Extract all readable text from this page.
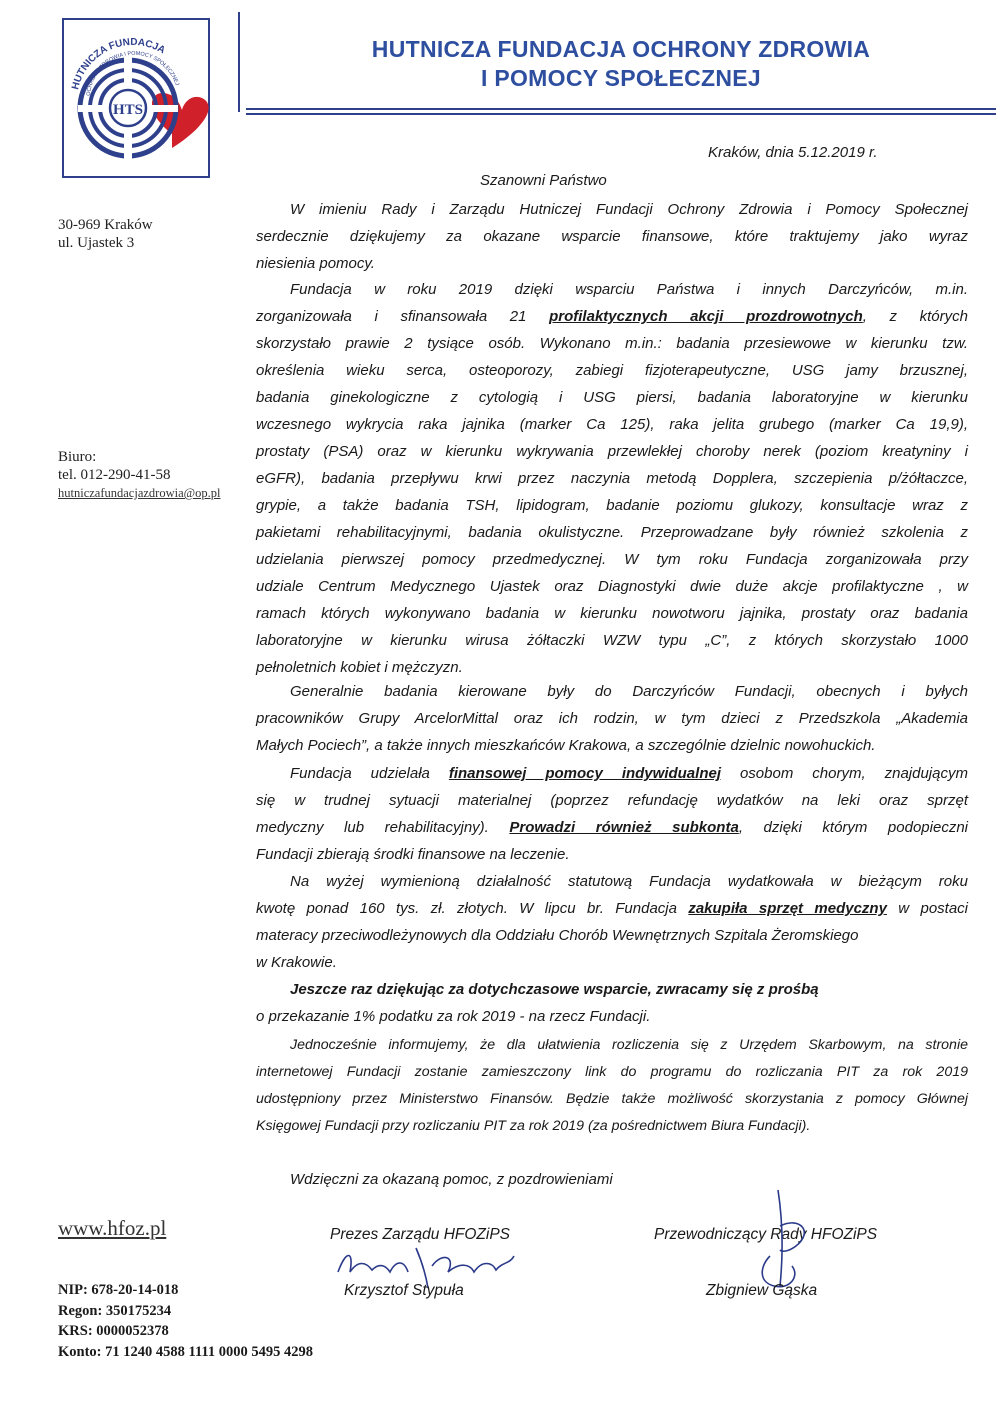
HTS
HUTNICZA FUNDACJA
OCHRONY ZDROWIA I POMOCY SPOŁECZNEJ
HUTNICZA FUNDACJA OCHRONY ZDROWIA
I POMOCY SPOŁECZNEJ
30-969 Kraków
ul. Ujastek 3
Biuro:
tel. 012-290-41-58
hutniczafundacjazdrowia@op.pl
www.hfoz.pl
NIP: 678-20-14-018
Regon: 350175234
KRS: 0000052378
Konto: 71 1240 4588 1111 0000 5495 4298
Kraków, dnia 5.12.2019 r.
Szanowni Państwo
W imieniu Rady i Zarządu Hutniczej Fundacji Ochrony Zdrowia i Pomocy Społecznej
serdecznie dziękujemy za okazane wsparcie finansowe, które traktujemy jako wyraz
niesienia pomocy.
Fundacja w roku 2019 dzięki wsparciu Państwa i innych Darczyńców, m.in.
zorganizowała i sfinansowała 21 profilaktycznych akcji prozdrowotnych, z których
skorzystało prawie 2 tysiące osób. Wykonano m.in.: badania przesiewowe w kierunku tzw.
określenia wieku serca, osteoporozy, zabiegi fizjoterapeutyczne, USG jamy brzusznej,
badania ginekologiczne z cytologią i USG piersi, badania laboratoryjne w kierunku
wczesnego wykrycia raka jajnika (marker Ca 125), raka jelita grubego (marker Ca 19,9),
prostaty (PSA) oraz w kierunku wykrywania przewlekłej choroby nerek (poziom kreatyniny i
eGFR), badania przepływu krwi przez naczynia metodą Dopplera, szczepienia p/żółtaczce,
grypie, a także badania TSH, lipidogram, badanie poziomu glukozy, konsultacje wraz z
pakietami rehabilitacyjnymi, badania okulistyczne. Przeprowadzane były również szkolenia z
udzielania pierwszej pomocy przedmedycznej. W tym roku Fundacja zorganizowała przy
udziale Centrum Medycznego Ujastek oraz Diagnostyki dwie duże akcje profilaktyczne , w
ramach których wykonywano badania w kierunku nowotworu jajnika, prostaty oraz badania
laboratoryjne w kierunku wirusa żółtaczki WZW typu „C”, z których skorzystało 1000
pełnoletnich kobiet i mężczyzn.
Generalnie badania kierowane były do Darczyńców Fundacji, obecnych i byłych
pracowników Grupy ArcelorMittal oraz ich rodzin, w tym dzieci z Przedszkola „Akademia
Małych Pociech”, a także innych mieszkańców Krakowa, a szczególnie dzielnic nowohuckich.
Fundacja udzielała finansowej pomocy indywidualnej osobom chorym, znajdującym
się w trudnej sytuacji materialnej (poprzez refundację wydatków na leki oraz sprzęt
medyczny lub rehabilitacyjny). Prowadzi również subkonta, dzięki którym podopieczni
Fundacji zbierają środki finansowe na leczenie.
Na wyżej wymienioną działalność statutową Fundacja wydatkowała w bieżącym roku
kwotę ponad 160 tys. zł. złotych. W lipcu br. Fundacja zakupiła sprzęt medyczny w postaci
materacy przeciwodleżynowych dla Oddziału Chorób Wewnętrznych Szpitala Żeromskiego
w Krakowie.
Jeszcze raz dziękując za dotychczasowe wsparcie, zwracamy się z prośbą
o przekazanie 1% podatku za rok 2019 - na rzecz Fundacji.
Jednocześnie informujemy, że dla ułatwienia rozliczenia się z Urzędem Skarbowym, na stronie
internetowej Fundacji zostanie zamieszczony link do programu do rozliczania PIT za rok 2019
udostępniony przez Ministerstwo Finansów. Będzie także możliwość skorzystania z pomocy Głównej
Księgowej Fundacji przy rozliczaniu PIT za rok 2019 (za pośrednictwem Biura Fundacji).
Wdzięczni za okazaną pomoc, z pozdrowieniami
Prezes Zarządu HFOZiPS
Krzysztof Stypuła
Przewodniczący Rady HFOZiPS
Zbigniew Gąska
